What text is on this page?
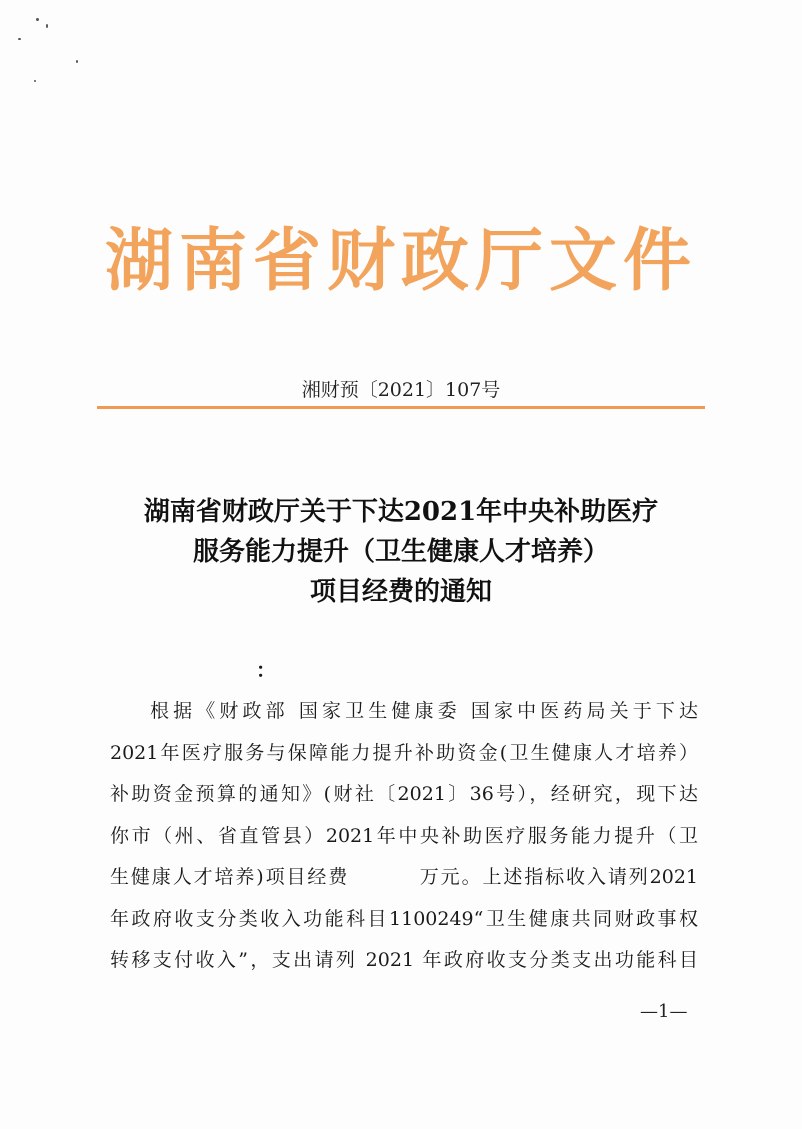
湖南省财政厅文件
湘财预〔2021〕107号
湖南省财政厅关于下达2021年中央补助医疗
服务能力提升（卫生健康人才培养）
项目经费的通知
：
根据《财政部 国家卫生健康委 国家中医药局关于下达
2021年医疗服务与保障能力提升补助资金(卫生健康人才培养）
补助资金预算的通知》(财社〔2021〕36号），经研究，现下达
你市（州、省直管县）2021年中央补助医疗服务能力提升（卫
生健康人才培养)项目经费 　　　万元。上述指标收入请列2021
年政府收支分类收入功能科目1100249“卫生健康共同财政事权
转移支付收入”，支出请列 2021 年政府收支分类支出功能科目
—1—
